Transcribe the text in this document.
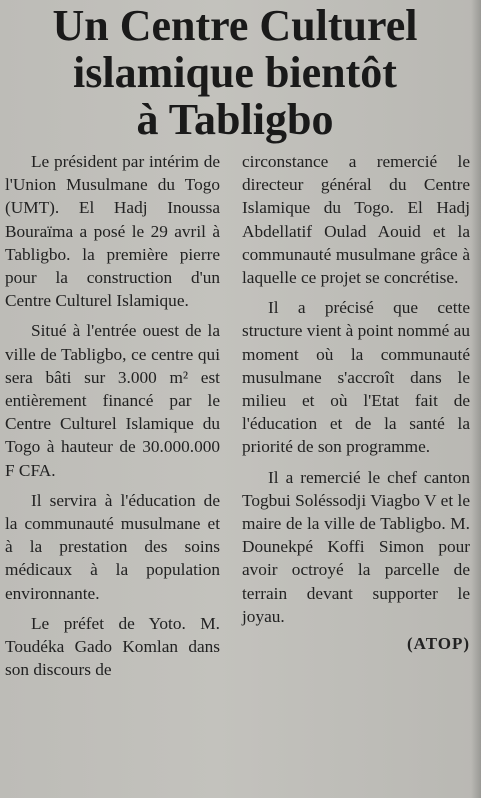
Un Centre Culturel
islamique bientôt
à Tabligbo

Le président par intérim de l'Union Musulmane du Togo (UMT). El Hadj Inoussa Bouraïma a posé le 29 avril à Tabligbo. la première pierre pour la construction d'un Centre Culturel Islamique.

Situé à l'entrée ouest de la ville de Tabligbo, ce centre qui sera bâti sur 3.000 m² est entièrement financé par le Centre Culturel Islamique du Togo à hauteur de 30.000.000 F CFA.

Il servira à l'éducation de la communauté musulmane et à la prestation des soins médicaux à la population environnante.

Le préfet de Yoto. M. Toudéka Gado Komlan dans son discours de

circonstance a remercié le directeur général du Centre Islamique du Togo. El Hadj Abdellatif Oulad Aouid et la communauté musulmane grâce à laquelle ce projet se concrétise.

Il a précisé que cette structure vient à point nommé au moment où la communauté musulmane s'accroît dans le milieu et où l'Etat fait de l'éducation et de la santé la priorité de son programme.

Il a remercié le chef canton Togbui Soléssodji Viagbo V et le maire de la ville de Tabligbo. M. Dounekpé Koffi Simon pour avoir octroyé la parcelle de terrain devant supporter le joyau.

(ATOP)
